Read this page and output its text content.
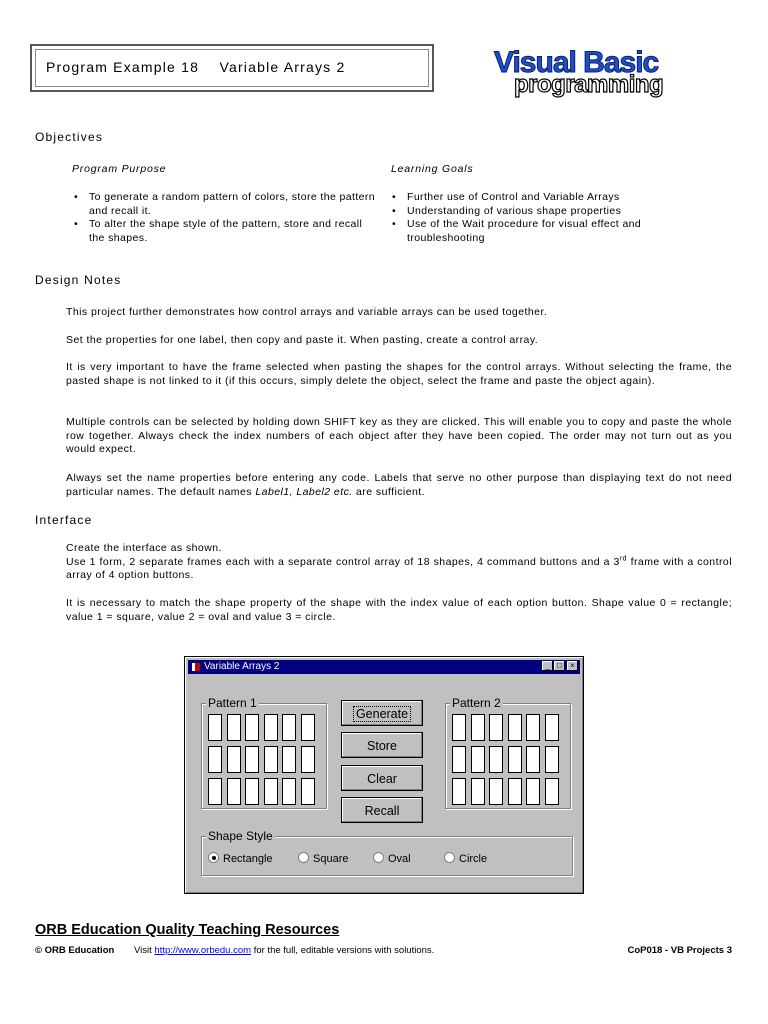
Program Example 18    Variable Arrays 2	Visual Basic
programming
Objectives
Program Purpose	Learning Goals
• To generate a random pattern of colors, store the pattern and recall it.
• To alter the shape style of the pattern, store and recall the shapes.
• Further use of Control and Variable Arrays
• Understanding of various shape properties
• Use of the Wait procedure for visual effect and troubleshooting
Design Notes

This project further demonstrates how control arrays and variable arrays can be used together.

Set the properties for one label, then copy and paste it. When pasting, create a control array.

It is very important to have the frame selected when pasting the shapes for the control arrays. Without selecting the frame, the pasted shape is not linked to it (if this occurs, simply delete the object, select the frame and paste the object again).

Multiple controls can be selected by holding down SHIFT key as they are clicked. This will enable you to copy and paste the whole row together. Always check the index numbers of each object after they have been copied. The order may not turn out as you would expect.

Always set the name properties before entering any code. Labels that serve no other purpose than displaying text do not need particular names. The default names Label1, Label2 etc. are sufficient.

Interface

Create the interface as shown.
Use 1 form, 2 separate frames each with a separate control array of 18 shapes, 4 command buttons and a 3rd frame with a control array of 4 option buttons.

It is necessary to match the shape property of the shape with the index value of each option button. Shape value 0 = rectangle; value 1 = square, value 2 = oval and value 3 = circle.

Variable Arrays 2	_ □	×
Pattern 1	Pattern 2
Generate
Store
Clear
Recall
Shape Style
Rectangle	Square	Oval	Circle
ORB Education Quality Teaching Resources
© ORB Education Visit http://www.orbedu.com for the full, editable versions with solutions.	CoP018 - VB Projects 3
